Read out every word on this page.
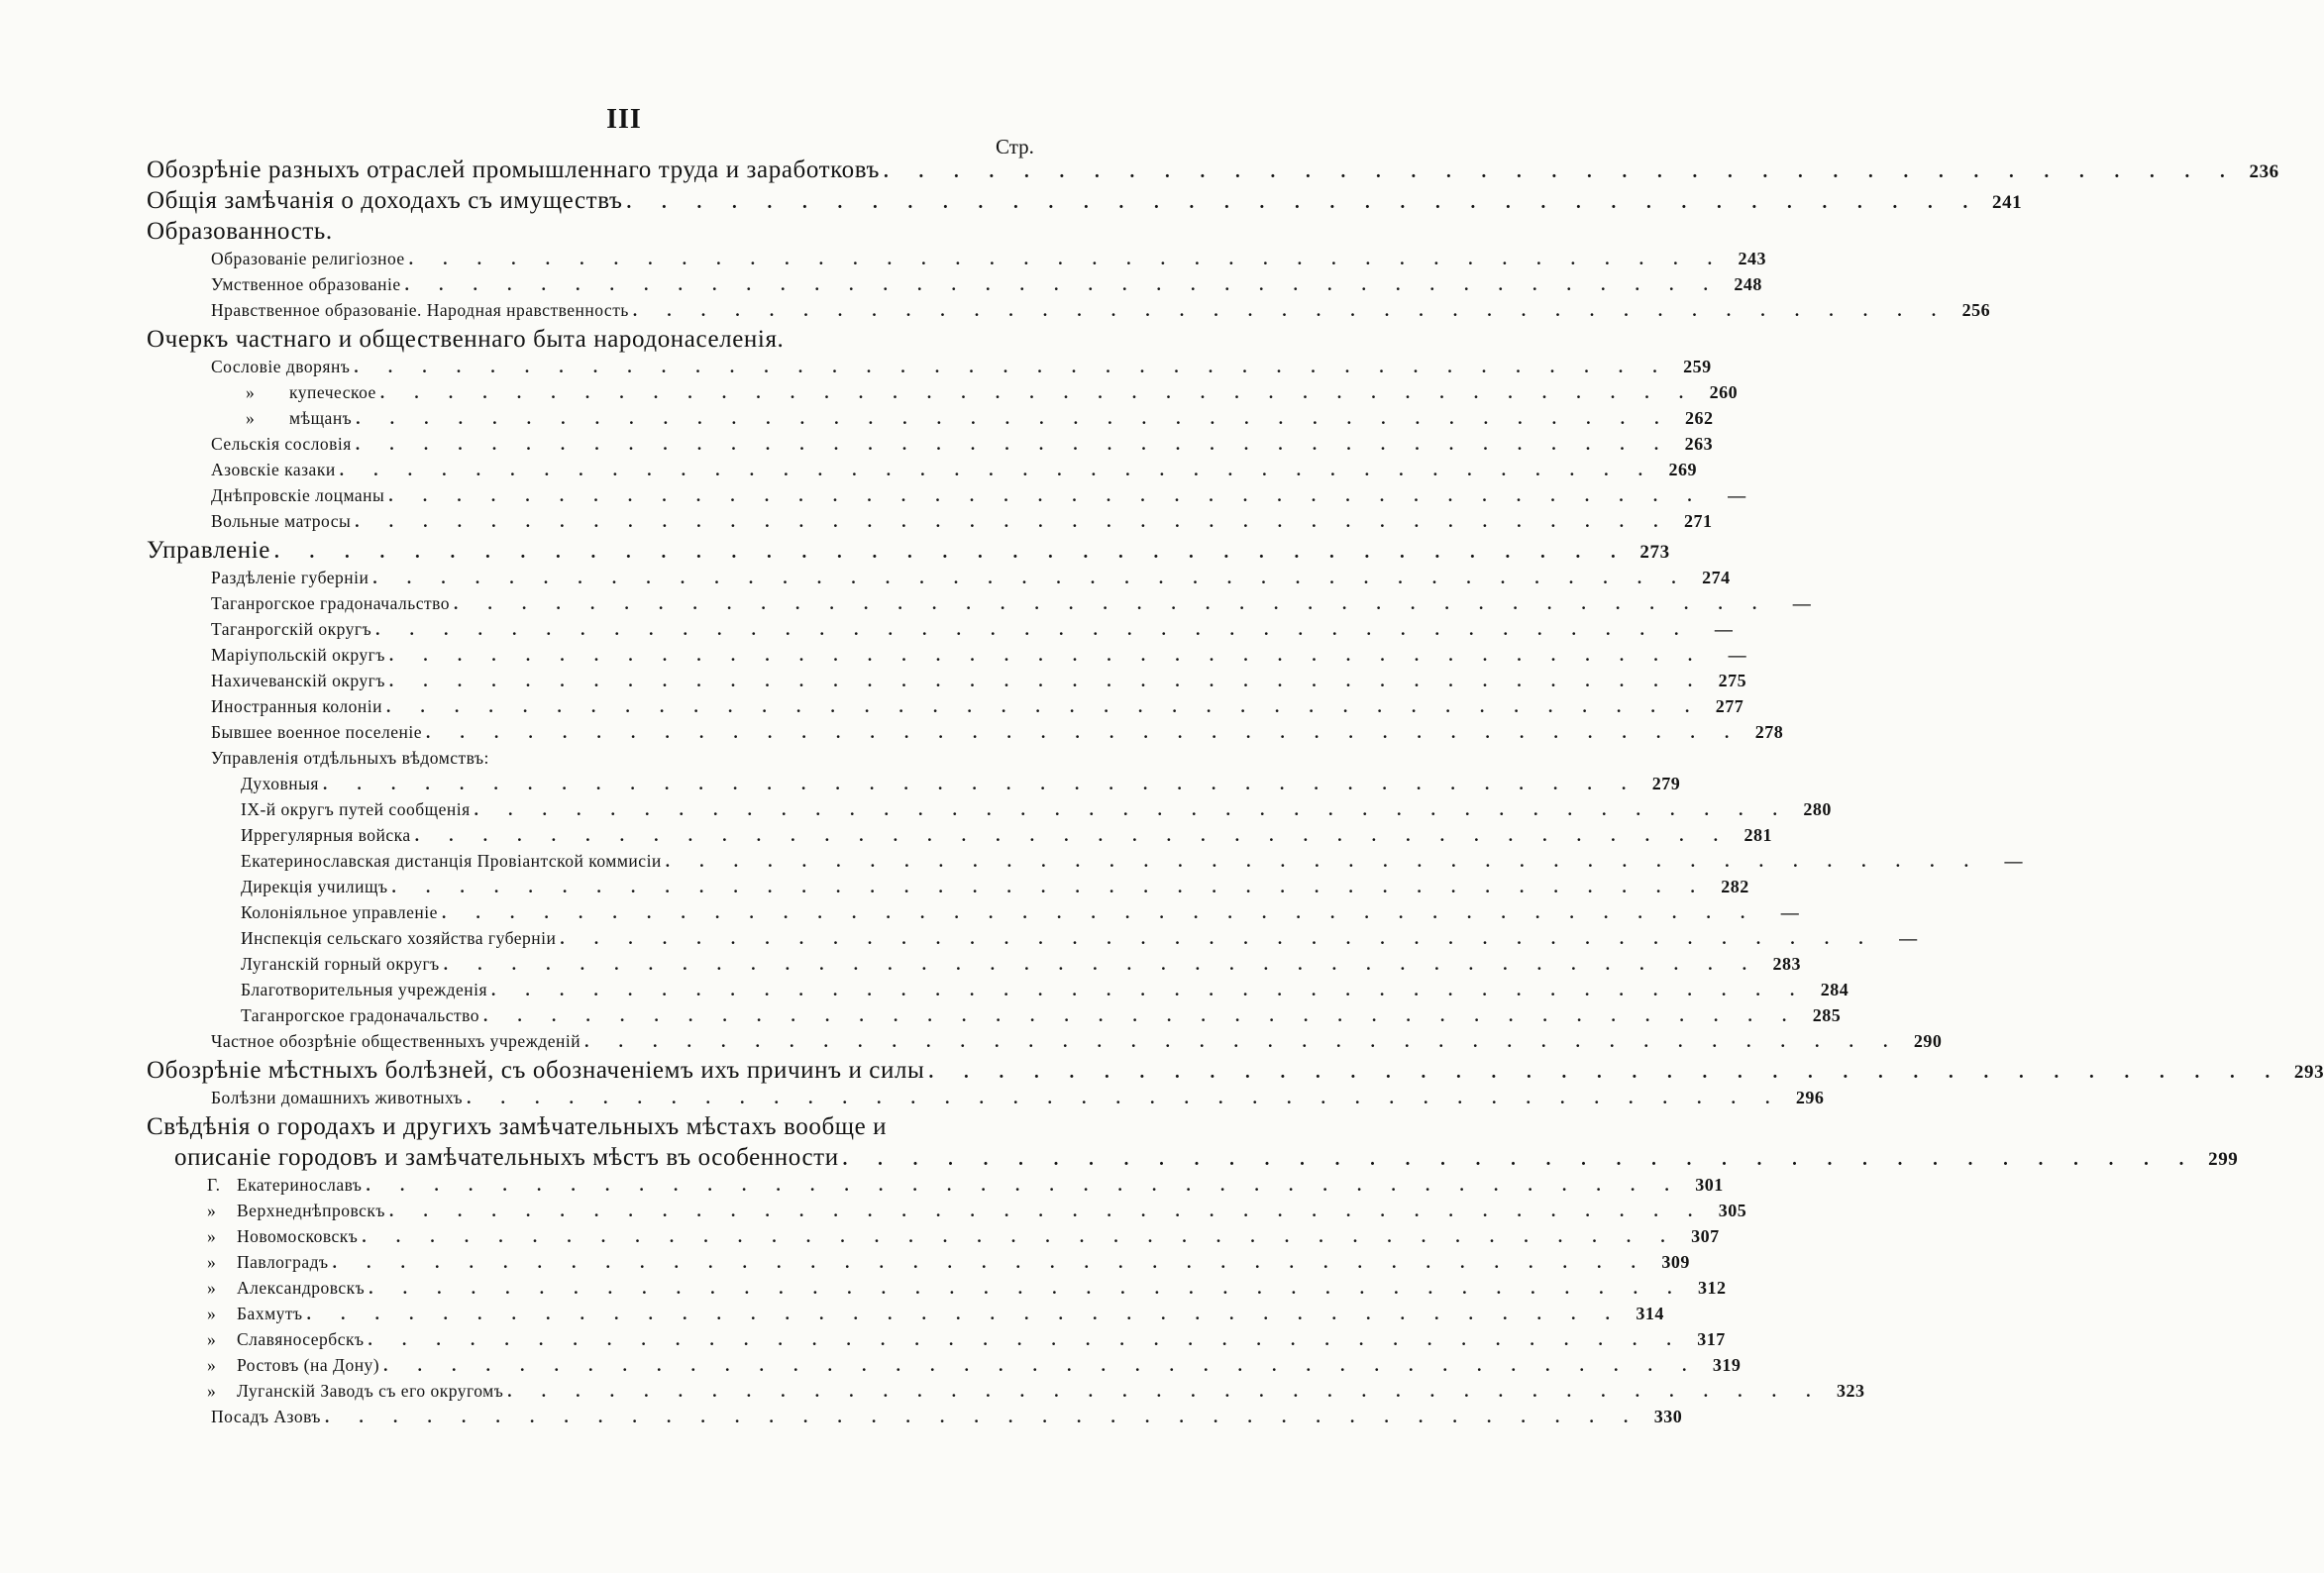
III
Стр.
Обозрѣніе разныхъ отраслей промышленнаго труда и заработковъ . . . . . . . . . . . . . . . . . . . . . . . . . . . . . . . . . . . . . . . 236
Общія замѣчанія о доходахъ съ имуществъ . . . . . . . . . . . . . . . . . . . . . . . . . . . . . . . . . . . . . . . 241
Образованность.
Образованіе религіозное . . . . . . . . . . . . . . . . . . . . . . . . . . . . . . . . . . . . . . . 243
Умственное образованіе . . . . . . . . . . . . . . . . . . . . . . . . . . . . . . . . . . . . . . . 248
Нравственное образованіе. Народная нравственность . . . . . . . . . . . . . . . . . . . . . . . . . . . . . . . . . . . . . . . 256
Очеркъ частнаго и общественнаго быта народонаселенія.
Сословіе дворянъ . . . . . . . . . . . . . . . . . . . . . . . . . . . . . . . . . . . . . . . 259
» купеческое . . . . . . . . . . . . . . . . . . . . . . . . . . . . . . . . . . . . . . . 260
» мѣщанъ . . . . . . . . . . . . . . . . . . . . . . . . . . . . . . . . . . . . . . . 262
Сельскія сословія . . . . . . . . . . . . . . . . . . . . . . . . . . . . . . . . . . . . . . . 263
Азовскіе казаки . . . . . . . . . . . . . . . . . . . . . . . . . . . . . . . . . . . . . . . 269
Днѣпровскіе лоцманы . . . . . . . . . . . . . . . . . . . . . . . . . . . . . . . . . . . . . . .	—
Вольные матросы . . . . . . . . . . . . . . . . . . . . . . . . . . . . . . . . . . . . . . . 271
Управленіе . . . . . . . . . . . . . . . . . . . . . . . . . . . . . . . . . . . . . . . 273
Раздѣленіе губерніи . . . . . . . . . . . . . . . . . . . . . . . . . . . . . . . . . . . . . . . 274
Таганрогское градоначальство . . . . . . . . . . . . . . . . . . . . . . . . . . . . . . . . . . . . . . .	—
Таганрогскій округъ . . . . . . . . . . . . . . . . . . . . . . . . . . . . . . . . . . . . . . .	—
Маріупольскій округъ . . . . . . . . . . . . . . . . . . . . . . . . . . . . . . . . . . . . . . .	—
Нахичеванскій округъ . . . . . . . . . . . . . . . . . . . . . . . . . . . . . . . . . . . . . . . 275
Иностранныя колоніи . . . . . . . . . . . . . . . . . . . . . . . . . . . . . . . . . . . . . . . 277
Бывшее военное поселеніе . . . . . . . . . . . . . . . . . . . . . . . . . . . . . . . . . . . . . . . 278
Управленія отдѣльныхъ вѣдомствъ:
Духовныя . . . . . . . . . . . . . . . . . . . . . . . . . . . . . . . . . . . . . . . 279
IX-й округъ путей сообщенія . . . . . . . . . . . . . . . . . . . . . . . . . . . . . . . . . . . . . . . 280
Иррегулярныя войска . . . . . . . . . . . . . . . . . . . . . . . . . . . . . . . . . . . . . . . 281
Екатеринославская дистанція Провіантской коммисіи . . . . . . . . . . . . . . . . . . . . . . . . . . . . . . . . . . . . . . .	—
Дирекція училищъ . . . . . . . . . . . . . . . . . . . . . . . . . . . . . . . . . . . . . . . 282
Колоніяльное управленіе . . . . . . . . . . . . . . . . . . . . . . . . . . . . . . . . . . . . . . .	—
Инспекція сельскаго хозяйства губерніи . . . . . . . . . . . . . . . . . . . . . . . . . . . . . . . . . . . . . . .	—
Луганскій горный округъ . . . . . . . . . . . . . . . . . . . . . . . . . . . . . . . . . . . . . . . 283
Благотворительныя учрежденія . . . . . . . . . . . . . . . . . . . . . . . . . . . . . . . . . . . . . . . 284
Таганрогское градоначальство . . . . . . . . . . . . . . . . . . . . . . . . . . . . . . . . . . . . . . . 285
Частное обозрѣніе общественныхъ учрежденій . . . . . . . . . . . . . . . . . . . . . . . . . . . . . . . . . . . . . . . 290
Обозрѣніе мѣстныхъ болѣзней, съ обозначеніемъ ихъ причинъ и силы . . . . . . . . . . . . . . . . . . . . . . . . . . . . . . . . . . . . . . . 293
Болѣзни домашнихъ животныхъ . . . . . . . . . . . . . . . . . . . . . . . . . . . . . . . . . . . . . . . 296
Свѣдѣнія о городахъ и другихъ замѣчательныхъ мѣстахъ вообще и
описаніе городовъ и замѣчательныхъ мѣстъ въ особенности . . . . . . . . . . . . . . . . . . . . . . . . . . . . . . . . . . . . . . . 299
Г. Екатеринославъ . . . . . . . . . . . . . . . . . . . . . . . . . . . . . . . . . . . . . . . 301
» Верхнеднѣпровскъ . . . . . . . . . . . . . . . . . . . . . . . . . . . . . . . . . . . . . . . 305
» Новомосковскъ . . . . . . . . . . . . . . . . . . . . . . . . . . . . . . . . . . . . . . . 307
» Павлоградъ . . . . . . . . . . . . . . . . . . . . . . . . . . . . . . . . . . . . . . . 309
» Александровскъ . . . . . . . . . . . . . . . . . . . . . . . . . . . . . . . . . . . . . . . 312
» Бахмутъ . . . . . . . . . . . . . . . . . . . . . . . . . . . . . . . . . . . . . . . 314
» Славяносербскъ . . . . . . . . . . . . . . . . . . . . . . . . . . . . . . . . . . . . . . . 317
» Ростовъ (на Дону) . . . . . . . . . . . . . . . . . . . . . . . . . . . . . . . . . . . . . . . 319
» Луганскій Заводъ съ его округомъ . . . . . . . . . . . . . . . . . . . . . . . . . . . . . . . . . . . . . . . 323
Посадъ Азовъ . . . . . . . . . . . . . . . . . . . . . . . . . . . . . . . . . . . . . . . 330
